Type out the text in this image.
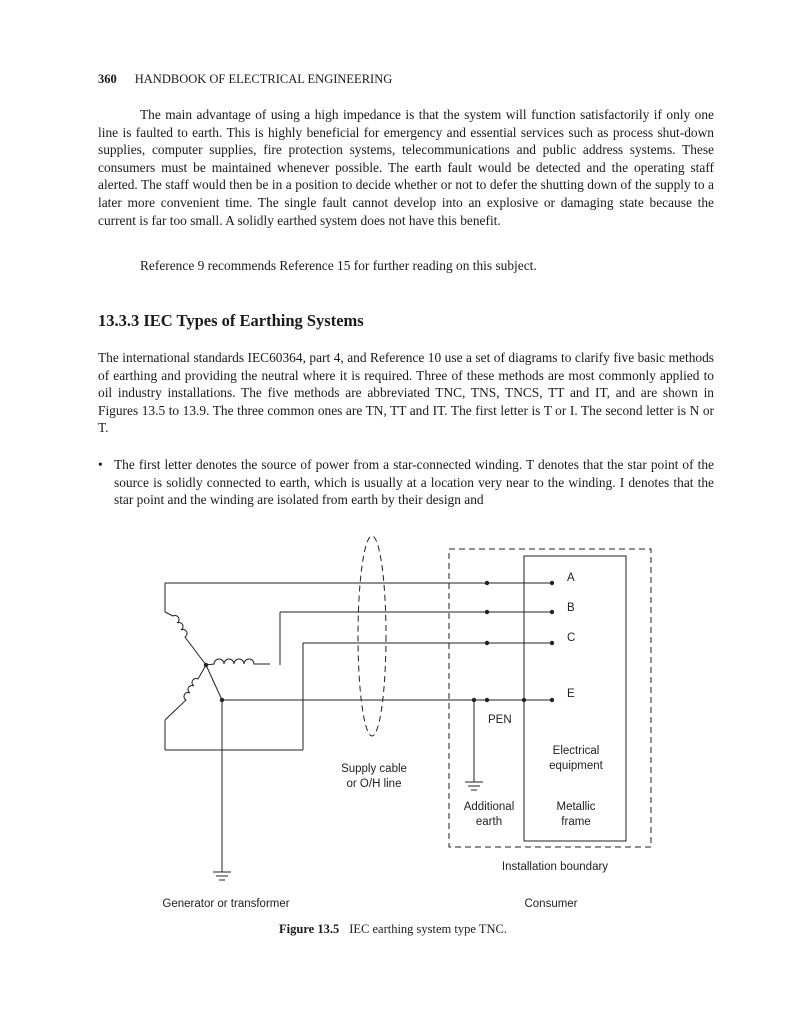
360 HANDBOOK OF ELECTRICAL ENGINEERING

The main advantage of using a high impedance is that the system will function satisfactorily if only one line is faulted to earth. This is highly beneficial for emergency and essential services such as process shut-down supplies, computer supplies, fire protection systems, telecommunications and public address systems. These consumers must be maintained whenever possible. The earth fault would be detected and the operating staff alerted. The staff would then be in a position to decide whether or not to defer the shutting down of the supply to a later more convenient time. The single fault cannot develop into an explosive or damaging state because the current is far too small. A solidly earthed system does not have this benefit.

Reference 9 recommends Reference 15 for further reading on this subject.

13.3.3 IEC Types of Earthing Systems

The international standards IEC60364, part 4, and Reference 10 use a set of diagrams to clarify five basic methods of earthing and providing the neutral where it is required. Three of these methods are most commonly applied to oil industry installations. The five methods are abbreviated TNC, TNS, TNCS, TT and IT, and are shown in Figures 13.5 to 13.9. The three common ones are TN, TT and IT. The first letter is T or I. The second letter is N or T.

• The first letter denotes the source of power from a star-connected winding. T denotes that the star point of the source is solidly connected to earth, which is usually at a location very near to the winding. I denotes that the star point and the winding are isolated from earth by their design and

A
B
C
E
PEN
Electrical
equipment
Supply cable
or O/H line
Additional
earth
Metallic
frame
Installation boundary
Generator or transformer	Consumer
Figure 13.5 IEC earthing system type TNC.
